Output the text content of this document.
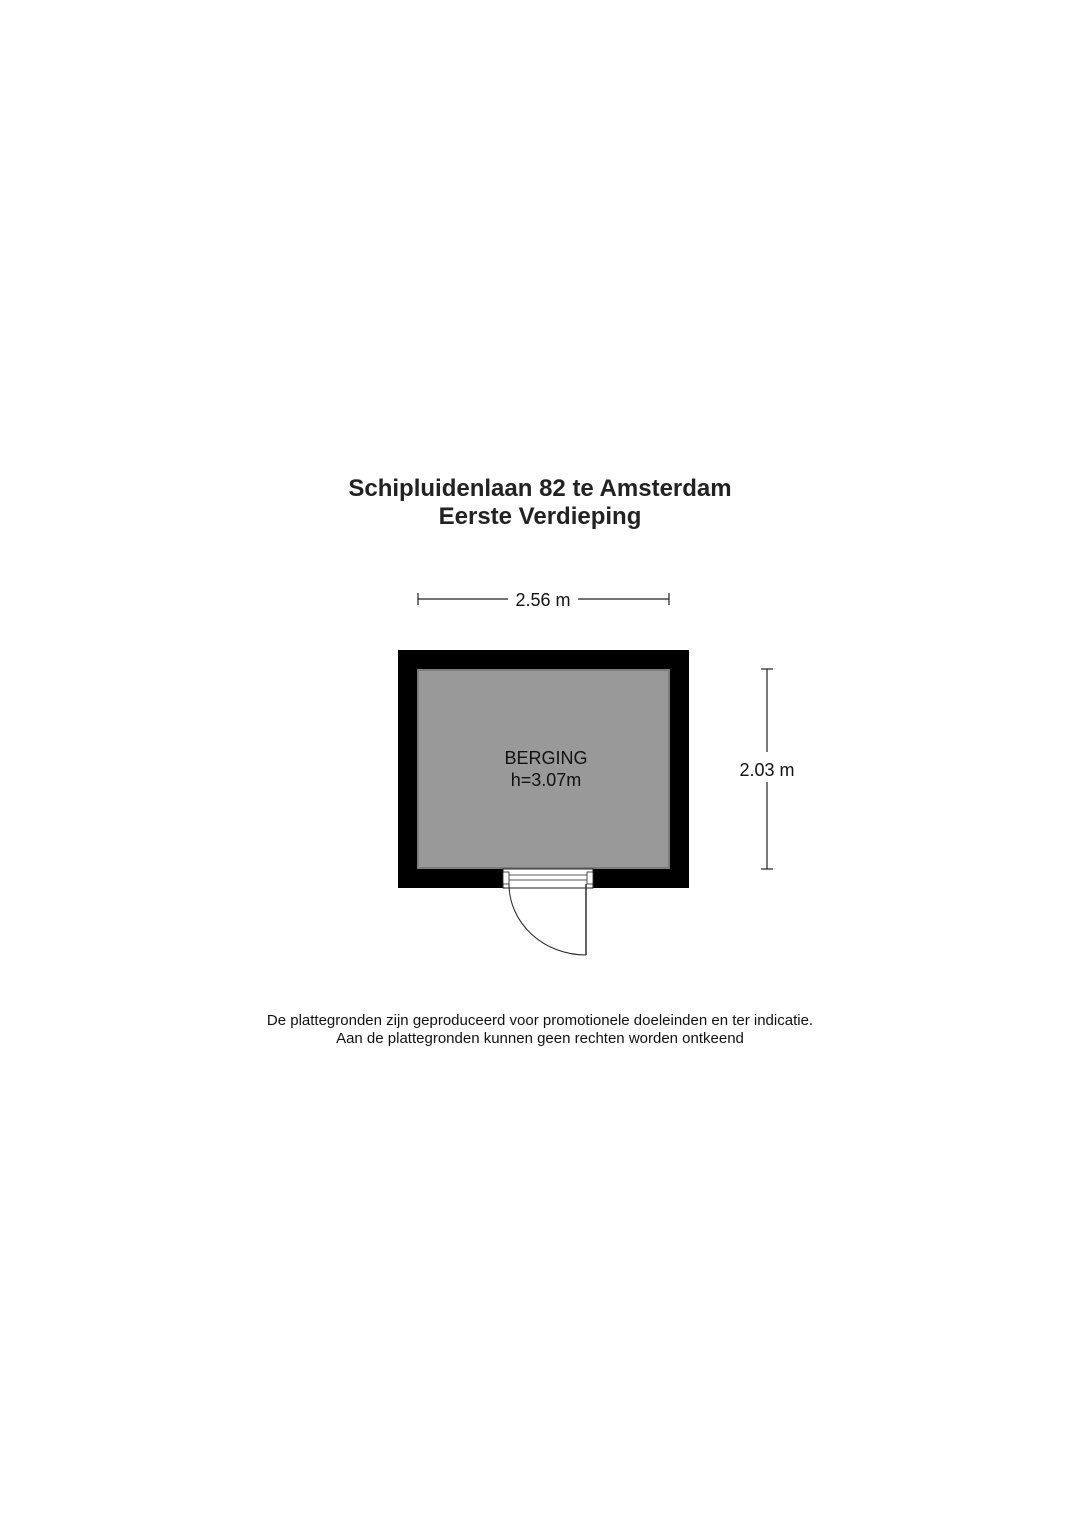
Schipluidenlaan 82 te Amsterdam
Eerste Verdieping
2.56 m
2.03 m
BERGING
h=3.07m
De plattegronden zijn geproduceerd voor promotionele doeleinden en ter indicatie.
Aan de plattegronden kunnen geen rechten worden ontkeend
